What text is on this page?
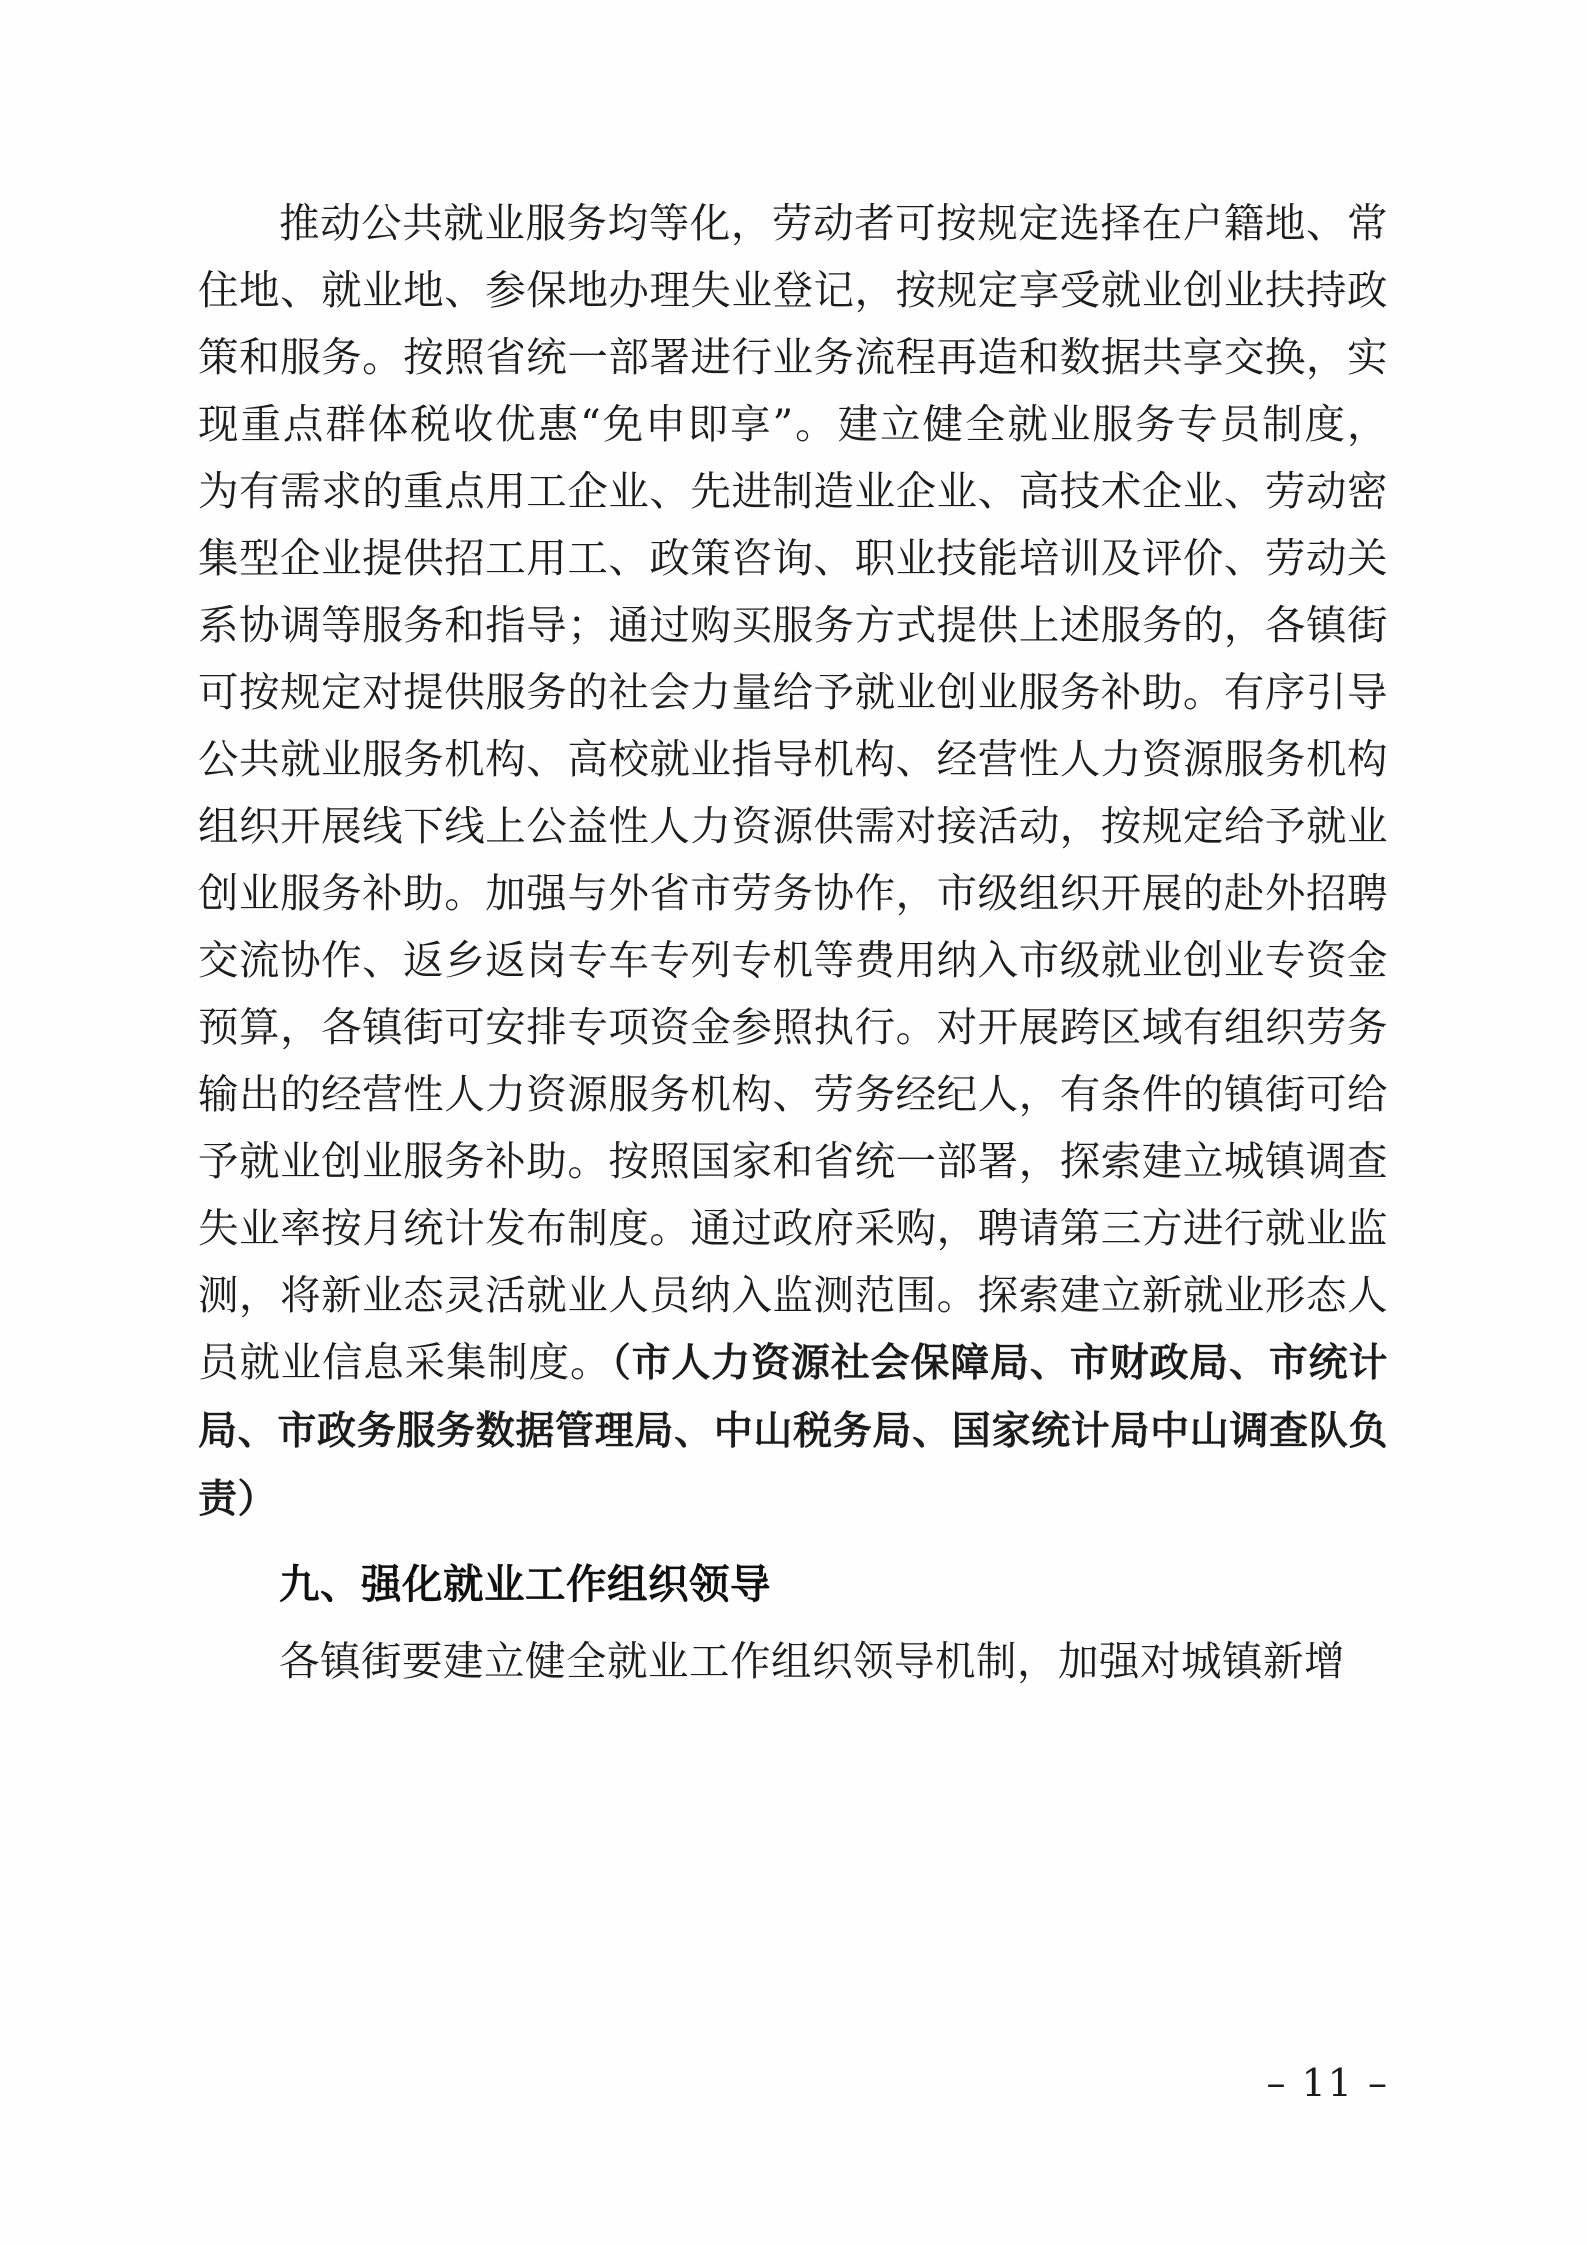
推动公共就业服务均等化，劳动者可按规定选择在户籍地、常住地、就业地、参保地办理失业登记，按规定享受就业创业扶持政策和服务。按照省统一部署进行业务流程再造和数据共享交换，实现重点群体税收优惠“免申即享”。建立健全就业服务专员制度，为有需求的重点用工企业、先进制造业企业、高技术企业、劳动密集型企业提供招工用工、政策咨询、职业技能培训及评价、劳动关系协调等服务和指导；通过购买服务方式提供上述服务的，各镇街可按规定对提供服务的社会力量给予就业创业服务补助。有序引导公共就业服务机构、高校就业指导机构、经营性人力资源服务机构组织开展线下线上公益性人力资源供需对接活动，按规定给予就业创业服务补助。加强与外省市劳务协作，市级组织开展的赴外招聘交流协作、返乡返岗专车专列专机等费用纳入市级就业创业专资金预算，各镇街可安排专项资金参照执行。对开展跨区域有组织劳务输出的经营性人力资源服务机构、劳务经纪人，有条件的镇街可给予就业创业服务补助。按照国家和省统一部署，探索建立城镇调查失业率按月统计发布制度。通过政府采购，聘请第三方进行就业监测，将新业态灵活就业人员纳入监测范围。探索建立新就业形态人员就业信息采集制度。（市人力资源社会保障局、市财政局、市统计局、市政务服务数据管理局、中山税务局、国家统计局中山调查队负责）

九、强化就业工作组织领导

各镇街要建立健全就业工作组织领导机制，加强对城镇新增

– 11 –
